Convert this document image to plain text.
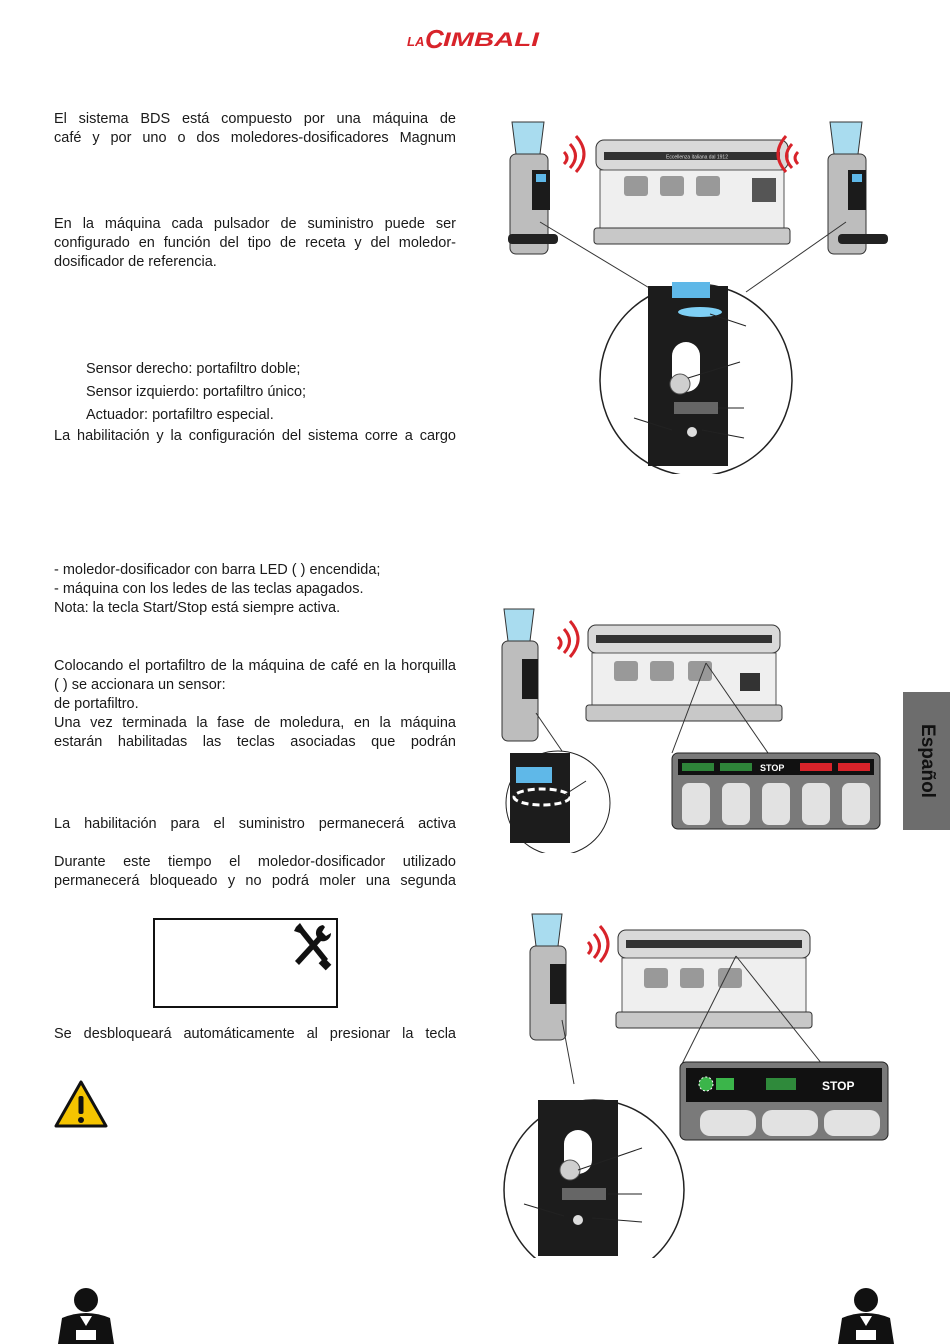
LA C IMBALI
El sistema BDS está compuesto por una máquina de
café y por uno o dos moledores-dosificadores Magnum
En la máquina cada pulsador de suministro puede ser
configurado en función del tipo de receta y del moledor-
dosificador de referencia.
Sensor derecho: portafiltro doble;
Sensor izquierdo: portafiltro único;
Actuador: portafiltro especial.
La habilitación y la configuración del sistema corre a cargo
- moledor-dosificador con barra LED ( ) encendida;
- máquina con los ledes de las teclas apagados.
Nota: la tecla Start/Stop está siempre activa.
Colocando el portafiltro de la máquina de café en la horquilla
( ) se accionara un sensor:
de portafiltro.
Una vez terminada la fase de moledura, en la máquina
estarán habilitadas las teclas asociadas que podrán
La habilitación para el suministro permanecerá activa
Durante este tiempo el moledor-dosificador utilizado
permanecerá bloqueado y no podrá moler una segunda
Se desbloqueará automáticamente al presionar la tecla
Español
Eccellenza italiana dal 1912
STOP
STOP
